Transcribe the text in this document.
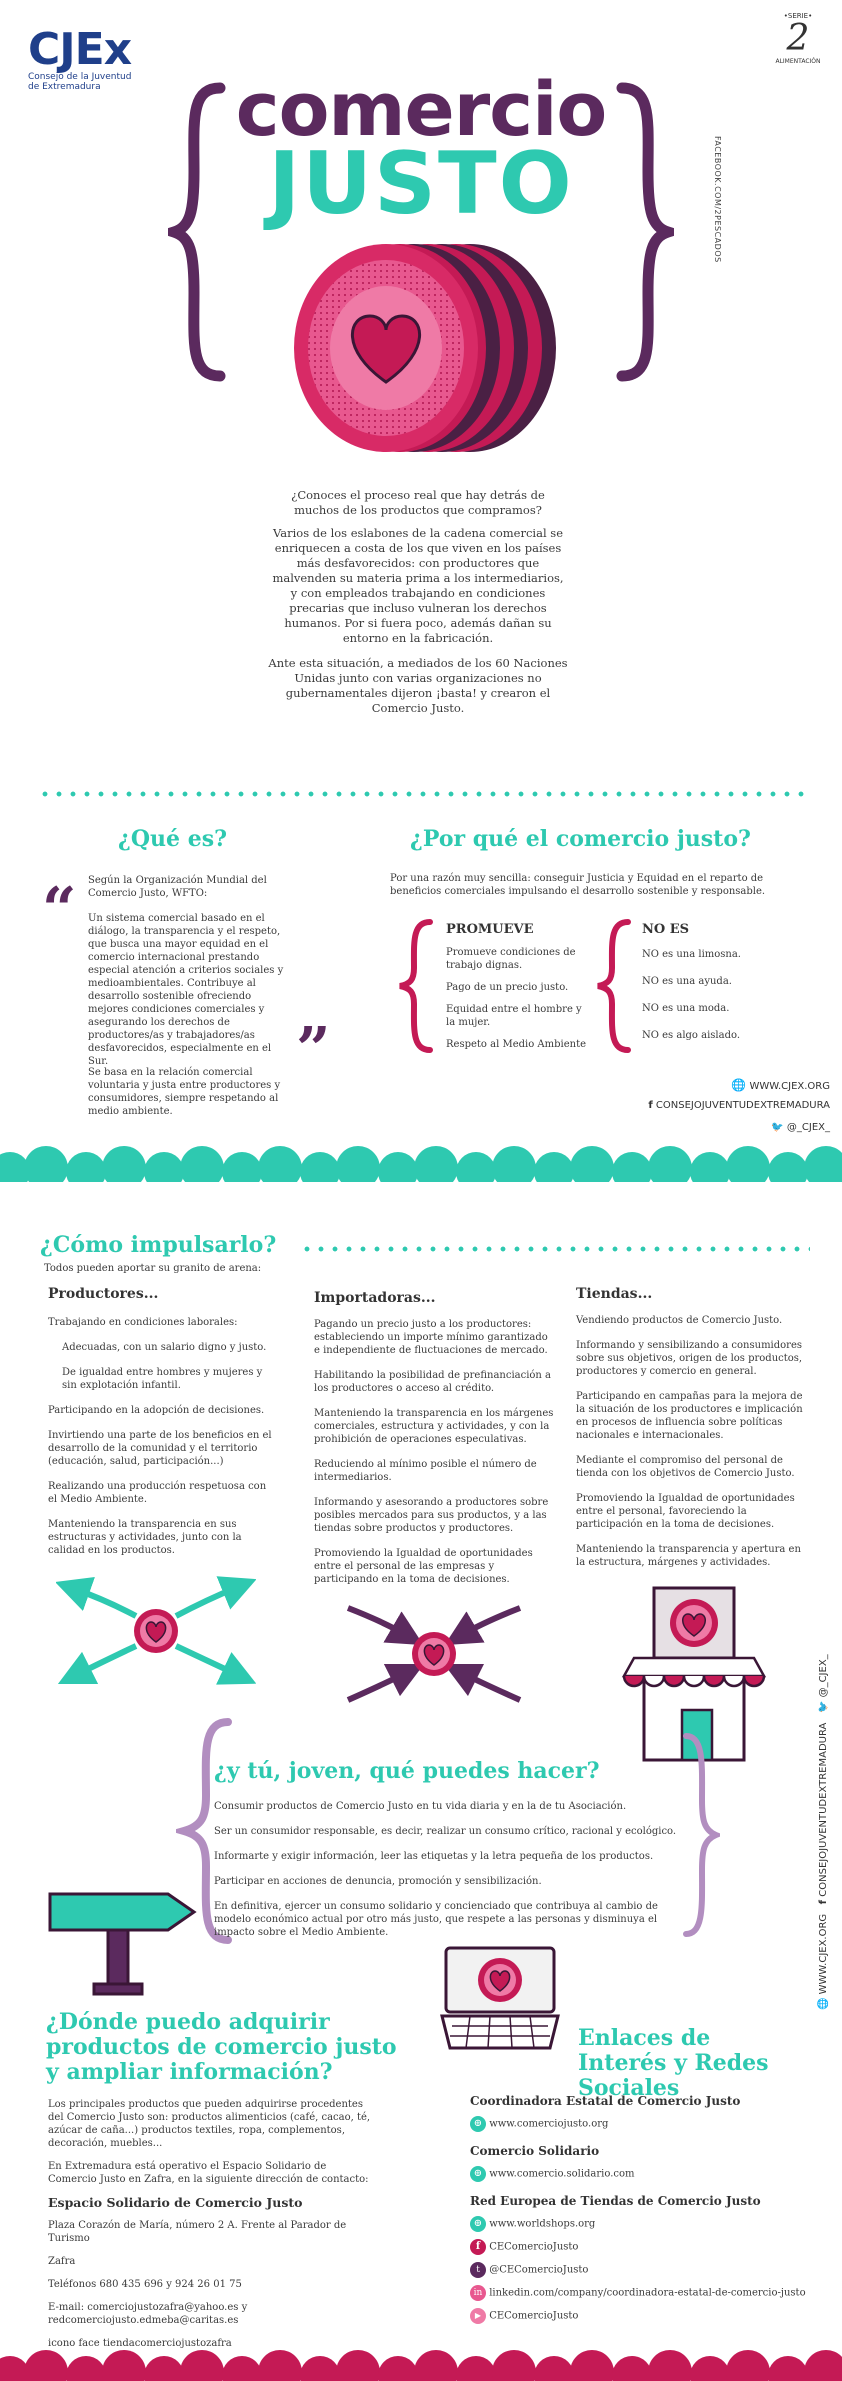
CJEx
Consejo de la Juventud
de Extremadura
•SERIE•
2
ALIMENTACIÓN
FACEBOOK.COM/2PESCADOS
comercio
JUSTO

¿Conoces el proceso real que hay detrás de muchos de los productos que compramos?

Varios de los eslabones de la cadena comercial se enriquecen a costa de los que viven en los países más desfavorecidos: con productores que malvenden su materia prima a los intermediarios, y con empleados trabajando en condiciones precarias que incluso vulneran los derechos humanos. Por si fuera poco, además dañan su entorno en la fabricación.

Ante esta situación, a mediados de los 60 Naciones Unidas junto con varias organizaciones no gubernamentales dijeron ¡basta! y crearon el Comercio Justo.

¿Qué es?
Según la Organización Mundial del Comercio Justo, WFTO:
“ Un sistema comercial basado en el diálogo, la transparencia y el respeto, que busca una mayor equidad en el comercio internacional prestando especial atención a criterios sociales y medioambientales. Contribuye al desarrollo sostenible ofreciendo mejores condiciones comerciales y asegurando los derechos de productores/as y trabajadores/as desfavorecidos, especialmente en el Sur.	”
Se basa en la relación comercial voluntaria y justa entre productores y consumidores, siempre respetando al medio ambiente.
¿Por qué el comercio justo?
Por una razón muy sencilla: conseguir Justicia y Equidad en el reparto de beneficios comerciales impulsando el desarrollo sostenible y responsable.
PROMUEVE

Promueve condiciones de trabajo dignas.

Pago de un precio justo.

Equidad entre el hombre y la mujer.

Respeto al Medio Ambiente

NO ES

NO es una limosna.

NO es una ayuda.

NO es una moda.

NO es algo aislado.

🌐 WWW.CJEX.ORG
f CONSEJOJUVENTUDEXTREMADURA
🐦 @_CJEX_
¿Cómo impulsarlo?
Todos pueden aportar su granito de arena:
Productores...

Trabajando en condiciones laborales:

Adecuadas, con un salario digno y justo.

De igualdad entre hombres y mujeres y sin explotación infantil.

Participando en la adopción de decisiones.

Invirtiendo una parte de los beneficios en el desarrollo de la comunidad y el territorio (educación, salud, participación...)

Realizando una producción respetuosa con el Medio Ambiente.

Manteniendo la transparencia en sus estructuras y actividades, junto con la calidad en los productos.

Importadoras...

Pagando un precio justo a los productores: estableciendo un importe mínimo garantizado e independiente de fluctuaciones de mercado.

Habilitando la posibilidad de prefinanciación a los productores o acceso al crédito.

Manteniendo la transparencia en los márgenes comerciales, estructura y actividades, y con la prohibición de operaciones especulativas.

Reduciendo al mínimo posible el número de intermediarios.

Informando y asesorando a productores sobre posibles mercados para sus productos, y a las tiendas sobre productos y productores.

Promoviendo la Igualdad de oportunidades entre el personal de las empresas y participando en la toma de decisiones.

Tiendas...

Vendiendo productos de Comercio Justo.

Informando y sensibilizando a consumidores sobre sus objetivos, origen de los productos, productores y comercio en general.

Participando en campañas para la mejora de la situación de los productores e implicación en procesos de influencia sobre políticas nacionales e internacionales.

Mediante el compromiso del personal de tienda con los objetivos de Comercio Justo.

Promoviendo la Igualdad de oportunidades entre el personal, favoreciendo la participación en la toma de decisiones.

Manteniendo la transparencia y apertura en la estructura, márgenes y actividades.

🌐 WWW.CJEX.ORG   f CONSEJOJUVENTUDEXTREMADURA   🐦 @_CJEX_
¿y tú, joven, qué puedes hacer?

Consumir productos de Comercio Justo en tu vida diaria y en la de tu Asociación.

Ser un consumidor responsable, es decir, realizar un consumo crítico, racional y ecológico.

Informarte y exigir información, leer las etiquetas y la letra pequeña de los productos.

Participar en acciones de denuncia, promoción y sensibilización.

En definitiva, ejercer un consumo solidario y concienciado que contribuya al cambio de modelo económico actual por otro más justo, que respete a las personas y disminuya el impacto sobre el Medio Ambiente.

¿Dónde puedo adquirir productos de comercio justo y ampliar información?

Los principales productos que pueden adquirirse procedentes del Comercio Justo son: productos alimenticios (café, cacao, té, azúcar de caña...) productos textiles, ropa, complementos, decoración, muebles...

En Extremadura está operativo el Espacio Solidario de Comercio Justo en Zafra, en la siguiente dirección de contacto:

Espacio Solidario de Comercio Justo

Plaza Corazón de María, número 2 A. Frente al Parador de Turismo

Zafra

Teléfonos 680 435 696 y 924 26 01 75

E-mail: comerciojustozafra@yahoo.es y

redcomerciojusto.edmeba@caritas.es

icono face tiendacomerciojustozafra

Enlaces de Interés y Redes Sociales
Coordinadora Estatal de Comercio Justo
⊕ www.comerciojusto.org
Comercio Solidario
⊕ www.comercio.solidario.com
Red Europea de Tiendas de Comercio Justo
⊕ www.worldshops.org
f CEComercioJusto
t @CEComercioJusto
in linkedin.com/company/coordinadora-estatal-de-comercio-justo
▶ CEComercioJusto
